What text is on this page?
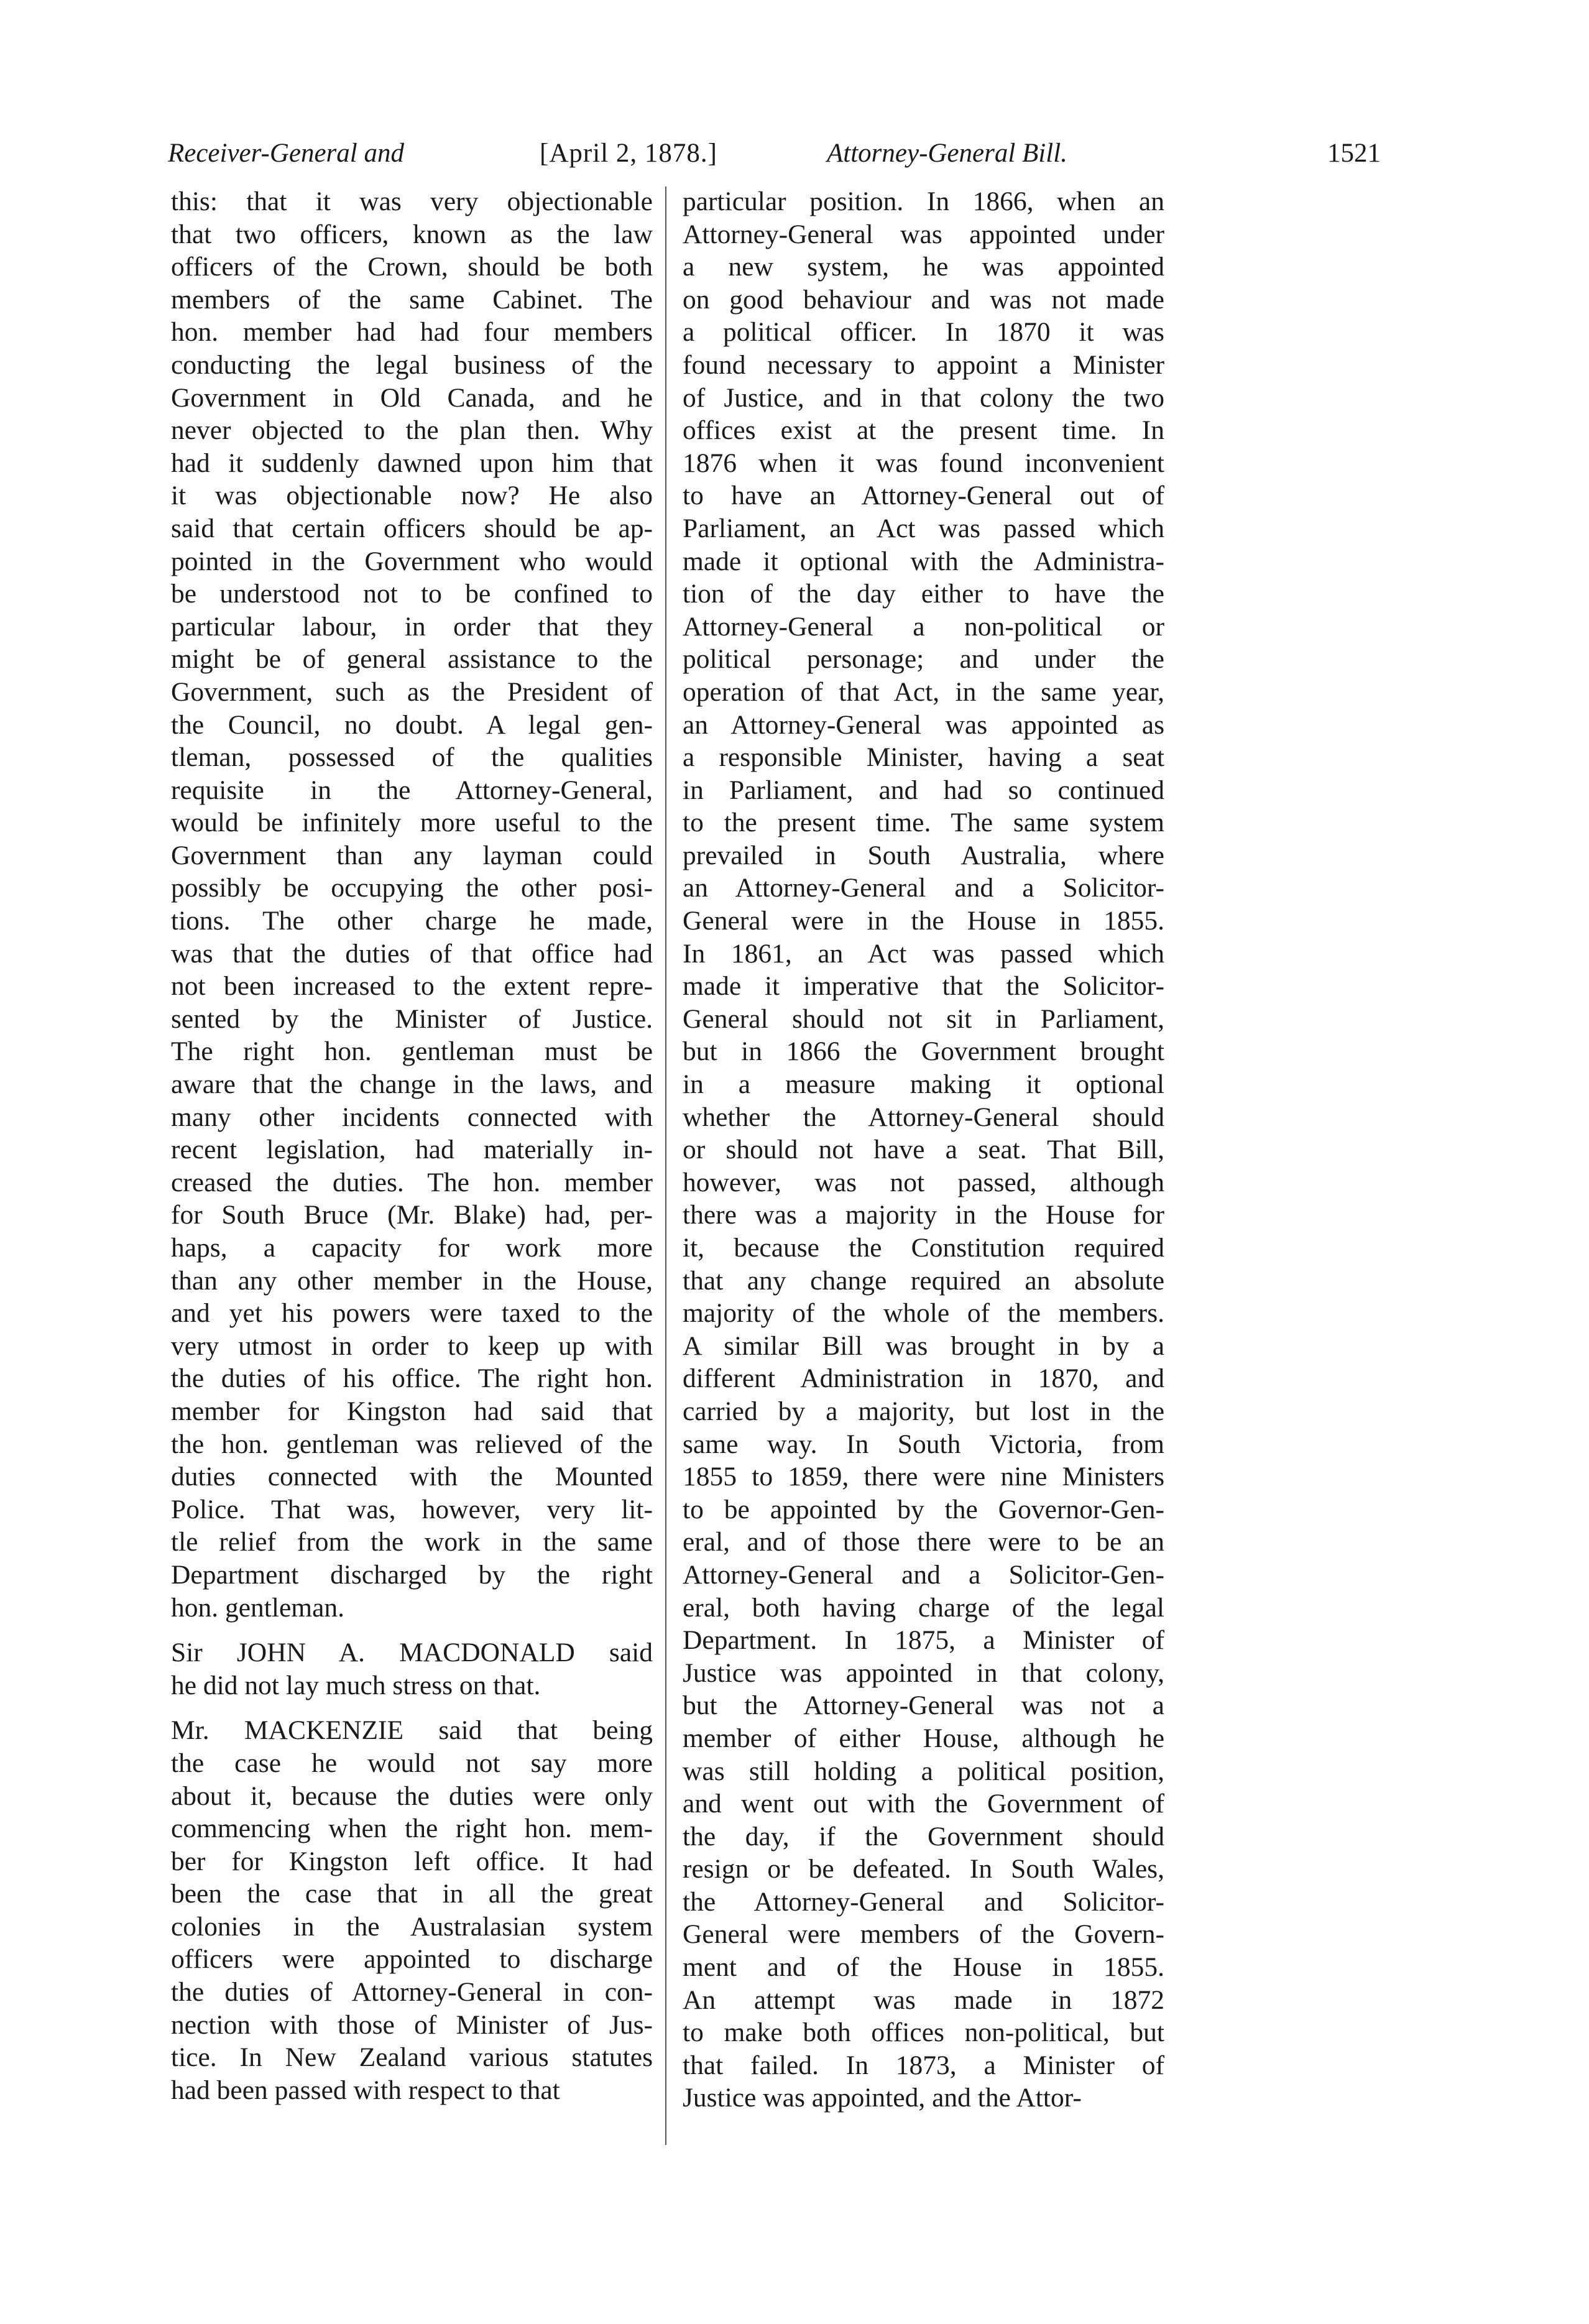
Receiver-General and	[April 2, 1878.]	Attorney-General Bill.	1521

this: that it was very objectionable

that two officers, known as the law

officers of the Crown, should be both

members of the same Cabinet. The

hon. member had had four members

conducting the legal business of the

Government in Old Canada, and he

never objected to the plan then. Why

had it suddenly dawned upon him that

it was objectionable now? He also

said that certain officers should be ap-

pointed in the Government who would

be understood not to be confined to

particular labour, in order that they

might be of general assistance to the

Government, such as the President of

the Council, no doubt. A legal gen-

tleman, possessed of the qualities

requisite in the Attorney-General,

would be infinitely more useful to the

Government than any layman could

possibly be occupying the other posi-

tions. The other charge he made,

was that the duties of that office had

not been increased to the extent repre-

sented by the Minister of Justice.

The right hon. gentleman must be

aware that the change in the laws, and

many other incidents connected with

recent legislation, had materially in-

creased the duties. The hon. member

for South Bruce (Mr. Blake) had, per-

haps, a capacity for work more

than any other member in the House,

and yet his powers were taxed to the

very utmost in order to keep up with

the duties of his office. The right hon.

member for Kingston had said that

the hon. gentleman was relieved of the

duties connected with the Mounted

Police. That was, however, very lit-

tle relief from the work in the same

Department discharged by the right

hon. gentleman.

Sir JOHN A. MACDONALD said

he did not lay much stress on that.

Mr. MACKENZIE said that being

the case he would not say more

about it, because the duties were only

commencing when the right hon. mem-

ber for Kingston left office. It had

been the case that in all the great

colonies in the Australasian system

officers were appointed to discharge

the duties of Attorney-General in con-

nection with those of Minister of Jus-

tice. In New Zealand various statutes

had been passed with respect to that

particular position. In 1866, when an

Attorney-General was appointed under

a new system, he was appointed

on good behaviour and was not made

a political officer. In 1870 it was

found necessary to appoint a Minister

of Justice, and in that colony the two

offices exist at the present time. In

1876 when it was found inconvenient

to have an Attorney-General out of

Parliament, an Act was passed which

made it optional with the Administra-

tion of the day either to have the

Attorney-General a non-political or

political personage; and under the

operation of that Act, in the same year,

an Attorney-General was appointed as

a responsible Minister, having a seat

in Parliament, and had so continued

to the present time. The same system

prevailed in South Australia, where

an Attorney-General and a Solicitor-

General were in the House in 1855.

In 1861, an Act was passed which

made it imperative that the Solicitor-

General should not sit in Parliament,

but in 1866 the Government brought

in a measure making it optional

whether the Attorney-General should

or should not have a seat. That Bill,

however, was not passed, although

there was a majority in the House for

it, because the Constitution required

that any change required an absolute

majority of the whole of the members.

A similar Bill was brought in by a

different Administration in 1870, and

carried by a majority, but lost in the

same way. In South Victoria, from

1855 to 1859, there were nine Ministers

to be appointed by the Governor-Gen-

eral, and of those there were to be an

Attorney-General and a Solicitor-Gen-

eral, both having charge of the legal

Department. In 1875, a Minister of

Justice was appointed in that colony,

but the Attorney-General was not a

member of either House, although he

was still holding a political position,

and went out with the Government of

the day, if the Government should

resign or be defeated. In South Wales,

the Attorney-General and Solicitor-

General were members of the Govern-

ment and of the House in 1855.

An attempt was made in 1872

to make both offices non-political, but

that failed. In 1873, a Minister of

Justice was appointed, and the Attor-
